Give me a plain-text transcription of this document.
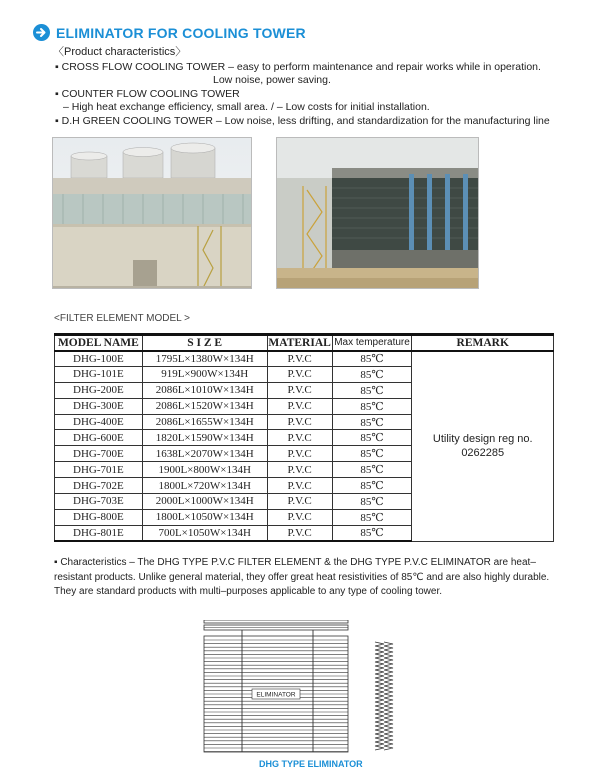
ELIMINATOR FOR COOLING TOWER
〈Product characteristics〉
▪ CROSS FLOW COOLING TOWER – easy to perform maintenance and repair works while in operation.
Low noise, power saving.
▪ COUNTER FLOW COOLING TOWER
– High heat exchange efficiency, small area. / – Low costs for initial installation.
▪ D.H GREEN COOLING TOWER – Low noise, less drifting, and standardization for the manufacturing line
<FILTER ELEMENT MODEL >
MODEL NAME	S I Z E	MATERIAL	Max temperature	REMARK
DHG-100E	1795L×1380W×134H	P.V.C	85℃	Utility design reg no.
0262285

DHG-101E	919L×900W×134H	P.V.C	85℃	
DHG-200E	2086L×1010W×134H	P.V.C	85℃	
DHG-300E	2086L×1520W×134H	P.V.C	85℃	
DHG-400E	2086L×1655W×134H	P.V.C	85℃	
DHG-600E	1820L×1590W×134H	P.V.C	85℃	
DHG-700E	1638L×2070W×134H	P.V.C	85℃	
DHG-701E	1900L×800W×134H	P.V.C	85℃	
DHG-702E	1800L×720W×134H	P.V.C	85℃	
DHG-703E	2000L×1000W×134H	P.V.C	85℃	
DHG-800E	1800L×1050W×134H	P.V.C	85℃	
DHG-801E	700L×1050W×134H	P.V.C	85℃	
▪ Characteristics – The DHG TYPE P.V.C FILTER ELEMENT & the DHG TYPE P.V.C ELIMINATOR are heat–resistant products. Unlike general material, they offer great heat resistivities of 85℃ and are also highly durable. They are standard products with multi–purposes applicable to any type of cooling tower.
ELIMINATOR
DHG TYPE ELIMINATOR
